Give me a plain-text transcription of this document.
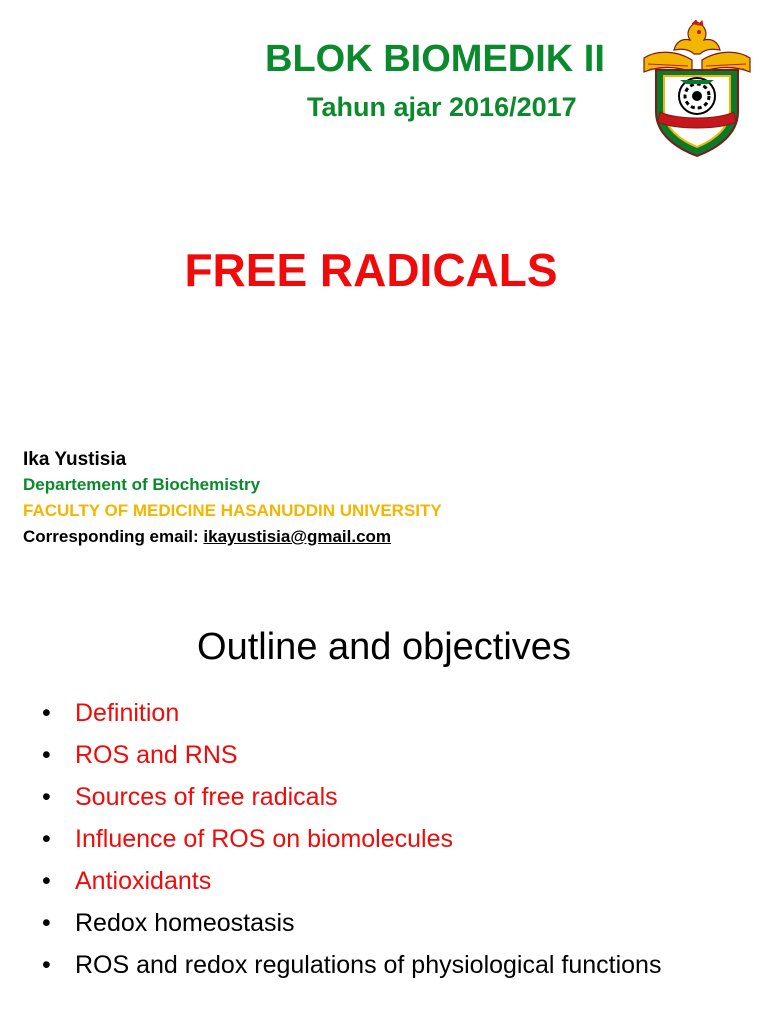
BLOK BIOMEDIK II
Tahun ajar 2016/2017
FREE RADICALS
Ika Yustisia
Departement of Biochemistry
FACULTY OF MEDICINE HASANUDDIN UNIVERSITY
Corresponding email: ikayustisia@gmail.com
Outline and objectives
• Definition
• ROS and RNS
• Sources of free radicals
• Influence of ROS on biomolecules
• Antioxidants
• Redox homeostasis
• ROS and redox regulations of physiological functions
